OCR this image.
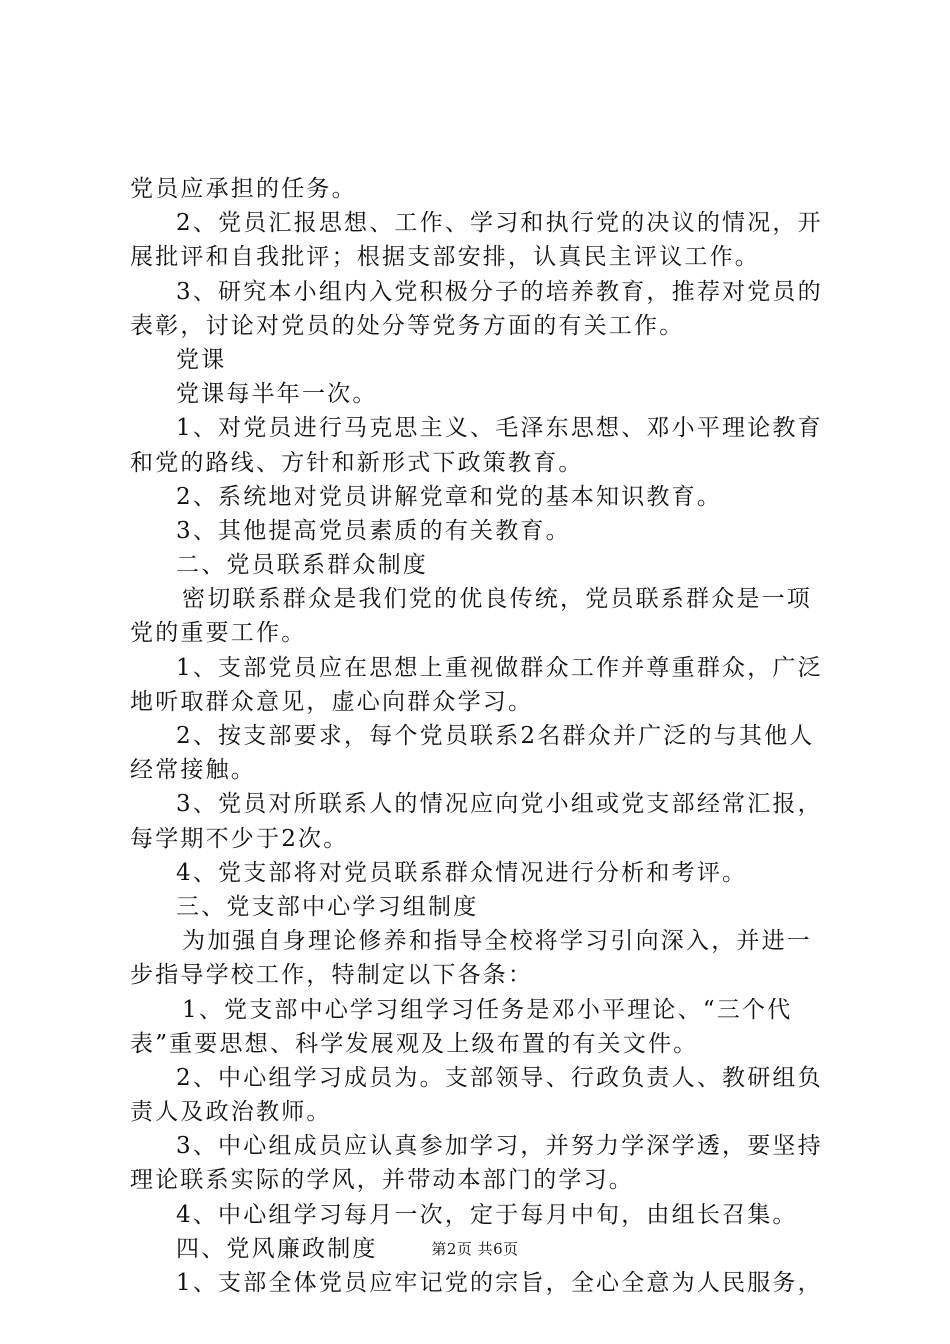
党员应承担的任务。
2、党员汇报思想、工作、学习和执行党的决议的情况，开
展批评和自我批评；根据支部安排，认真民主评议工作。
3、研究本小组内入党积极分子的培养教育，推荐对党员的
表彰，讨论对党员的处分等党务方面的有关工作。
党课
党课每半年一次。
1、对党员进行马克思主义、毛泽东思想、邓小平理论教育
和党的路线、方针和新形式下政策教育。
2、系统地对党员讲解党章和党的基本知识教育。
3、其他提高党员素质的有关教育。
二、党员联系群众制度
密切联系群众是我们党的优良传统，党员联系群众是一项
党的重要工作。
1、支部党员应在思想上重视做群众工作并尊重群众，广泛
地听取群众意见，虚心向群众学习。
2、按支部要求，每个党员联系2名群众并广泛的与其他人
经常接触。
3、党员对所联系人的情况应向党小组或党支部经常汇报，
每学期不少于2次。
4、党支部将对党员联系群众情况进行分析和考评。
三、党支部中心学习组制度
为加强自身理论修养和指导全校将学习引向深入，并进一
步指导学校工作，特制定以下各条：
1、党支部中心学习组学习任务是邓小平理论、“三个代
表”重要思想、科学发展观及上级布置的有关文件。
2、中心组学习成员为。支部领导、行政负责人、教研组负
责人及政治教师。
3、中心组成员应认真参加学习，并努力学深学透，要坚持
理论联系实际的学风，并带动本部门的学习。
4、中心组学习每月一次，定于每月中旬，由组长召集。
四、党风廉政制度
1、支部全体党员应牢记党的宗旨，全心全意为人民服务，
第2页 共6页
